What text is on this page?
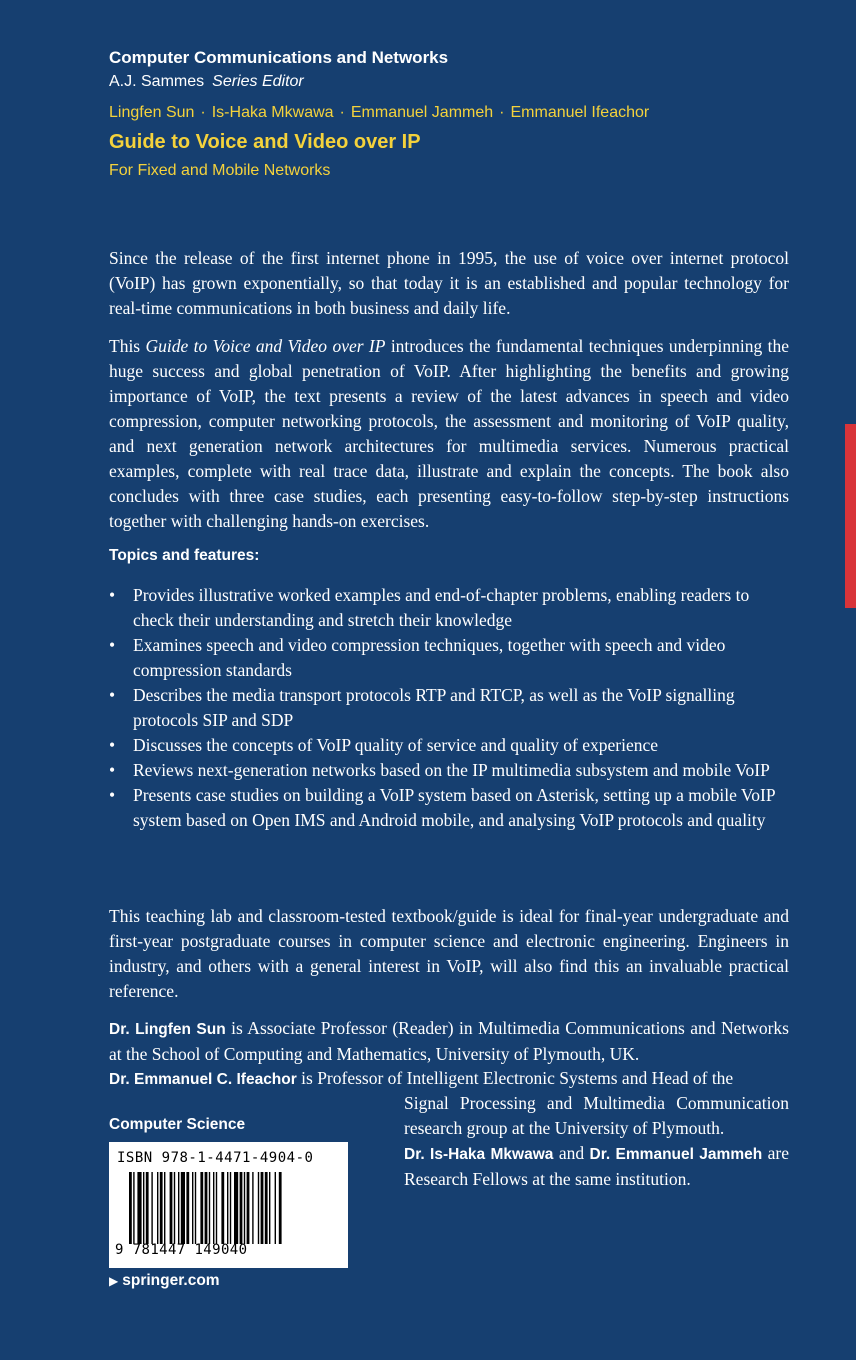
Computer Communications and Networks

A.J. Sammes Series Editor

Lingfen Sun · Is-Haka Mkwawa · Emmanuel Jammeh · Emmanuel Ifeachor
Guide to Voice and Video over IP
For Fixed and Mobile Networks

Since the release of the first internet phone in 1995, the use of voice over internet protocol (VoIP) has grown exponentially, so that today it is an established and popular technology for real-time communications in both business and daily life.

This Guide to Voice and Video over IP introduces the fundamental techniques underpinning the huge success and global penetration of VoIP. After highlighting the benefits and growing importance of VoIP, the text presents a review of the latest advances in speech and video compression, computer networking protocols, the assessment and monitoring of VoIP quality, and next generation network architectures for multimedia services. Numerous practical examples, complete with real trace data, illustrate and explain the concepts. The book also concludes with three case studies, each presenting easy-to-follow step-by-step instructions together with challenging hands-on exercises.

Topics and features:
• Provides illustrative worked examples and end-of-chapter problems, enabling readers to check their understanding and stretch their knowledge
• Examines speech and video compression techniques, together with speech and video compression standards
• Describes the media transport protocols RTP and RTCP, as well as the VoIP signalling protocols SIP and SDP
• Discusses the concepts of VoIP quality of service and quality of experience
• Reviews next-generation networks based on the IP multimedia subsystem and mobile VoIP
• Presents case studies on building a VoIP system based on Asterisk, setting up a mobile VoIP system based on Open IMS and Android mobile, and analysing VoIP protocols and quality

This teaching lab and classroom-tested textbook/guide is ideal for final-year undergraduate and first-year postgraduate courses in computer science and electronic engineering. Engineers in industry, and others with a general interest in VoIP, will also find this an invaluable practical reference.

Dr. Lingfen Sun is Associate Professor (Reader) in Multimedia Communications and Networks at the School of Computing and Mathematics, University of Plymouth, UK.

Dr. Emmanuel C. Ifeachor is Professor of Intelligent Electronic Systems and Head of the

Signal Processing and Multimedia Communication research group at the University of Plymouth.

Dr. Is-Haka Mkwawa and Dr. Emmanuel Jammeh are Research Fellows at the same institution.

Computer Science
ISBN 978-1-4471-4904-0
9 781447 149040
▶ springer.com
